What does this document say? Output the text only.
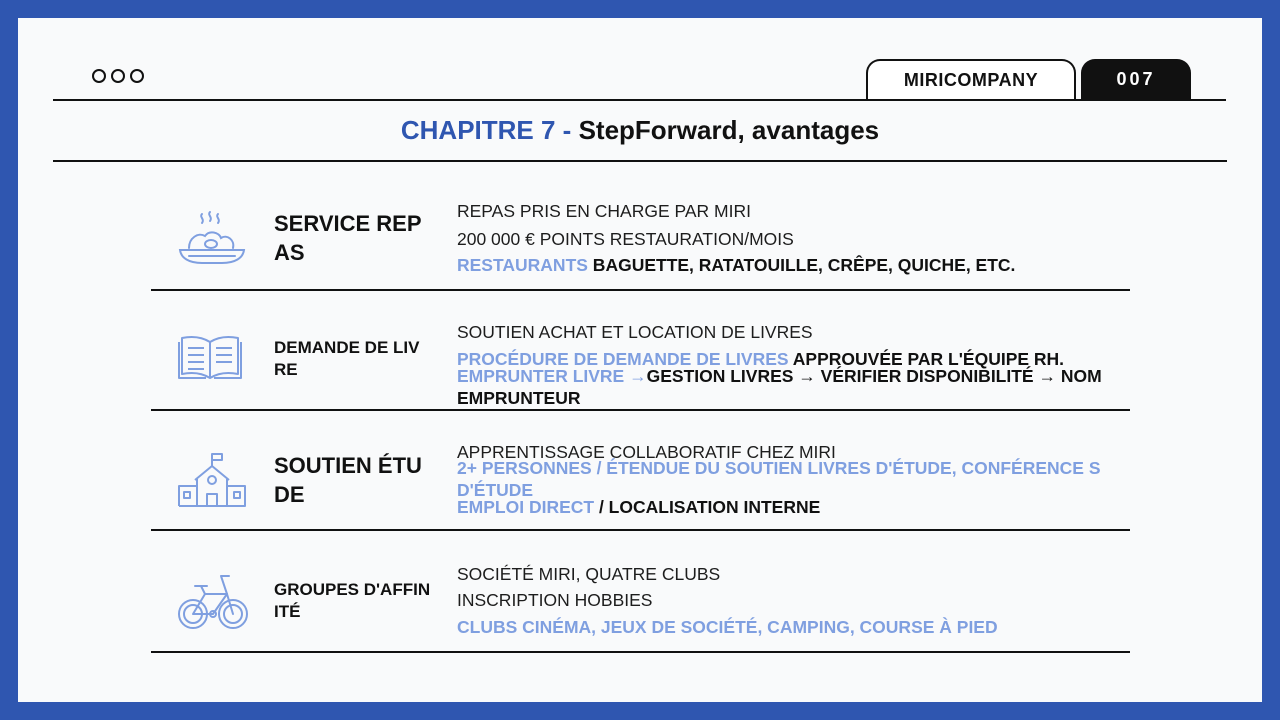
MIRICOMPANY	007
CHAPITRE 7 - StepForward, avantages
SERVICE REP AS
REPAS PRIS EN CHARGE PAR MIRI
200 000 € POINTS RESTAURATION/MOIS
RESTAURANTS BAGUETTE, RATATOUILLE, CRÊPE, QUICHE, ETC.
DEMANDE DE LIV RE
SOUTIEN ACHAT ET LOCATION DE LIVRES
PROCÉDURE DE DEMANDE DE LIVRES APPROUVÉE PAR L'ÉQUIPE RH.
EMPRUNTER LIVRE →GESTION LIVRES → VÉRIFIER DISPONIBILITÉ → NOM EMPRUNTEUR
SOUTIEN ÉTU DE
APPRENTISSAGE COLLABORATIF CHEZ MIRI
2+ PERSONNES / ÉTENDUE DU SOUTIEN LIVRES D'ÉTUDE, CONFÉRENCE S D'ÉTUDE
EMPLOI DIRECT / LOCALISATION INTERNE
GROUPES D'AFFIN ITÉ
SOCIÉTÉ MIRI, QUATRE CLUBS
INSCRIPTION HOBBIES
CLUBS CINÉMA, JEUX DE SOCIÉTÉ, CAMPING, COURSE À PIED
